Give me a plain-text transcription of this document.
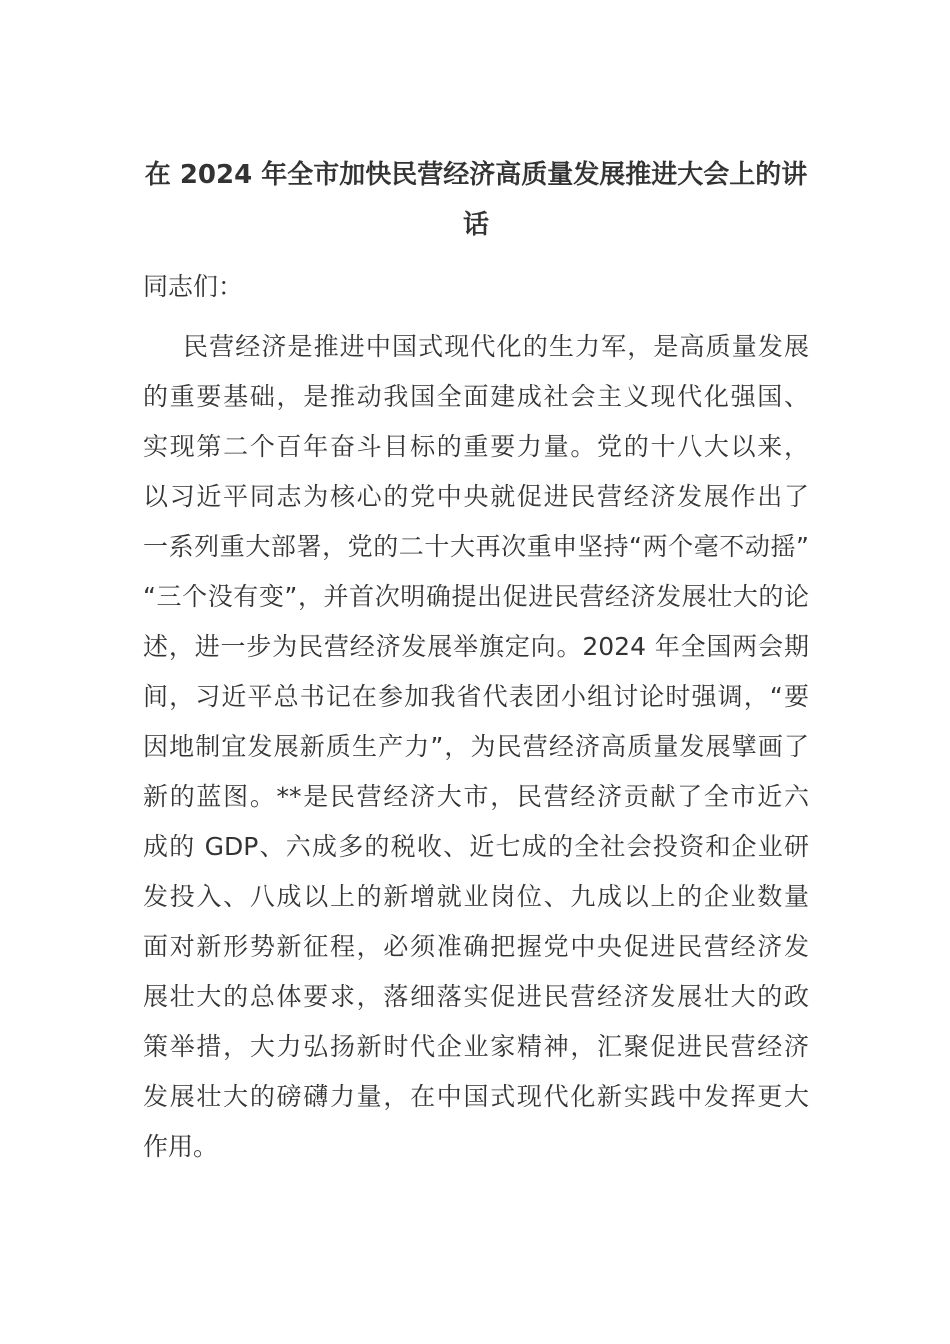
在 2024 年全市加快民营经济高质量发展推进大会上的讲
话

同志们：

民营经济是推进中国式现代化的生力军，是高质量发展
的重要基础，是推动我国全面建成社会主义现代化强国、
实现第二个百年奋斗目标的重要力量。党的十八大以来，
以习近平同志为核心的党中央就促进民营经济发展作出了
一系列重大部署，党的二十大再次重申坚持“两个毫不动摇”
“三个没有变”，并首次明确提出促进民营经济发展壮大的论
述，进一步为民营经济发展举旗定向。2024 年全国两会期
间，习近平总书记在参加我省代表团小组讨论时强调，“要
因地制宜发展新质生产力”，为民营经济高质量发展擘画了
新的蓝图。**是民营经济大市，民营经济贡献了全市近六
成的 GDP、六成多的税收、近七成的全社会投资和企业研
发投入、八成以上的新增就业岗位、九成以上的企业数量
面对新形势新征程，必须准确把握党中央促进民营经济发
展壮大的总体要求，落细落实促进民营经济发展壮大的政
策举措，大力弘扬新时代企业家精神，汇聚促进民营经济
发展壮大的磅礴力量，在中国式现代化新实践中发挥更大
作用。
